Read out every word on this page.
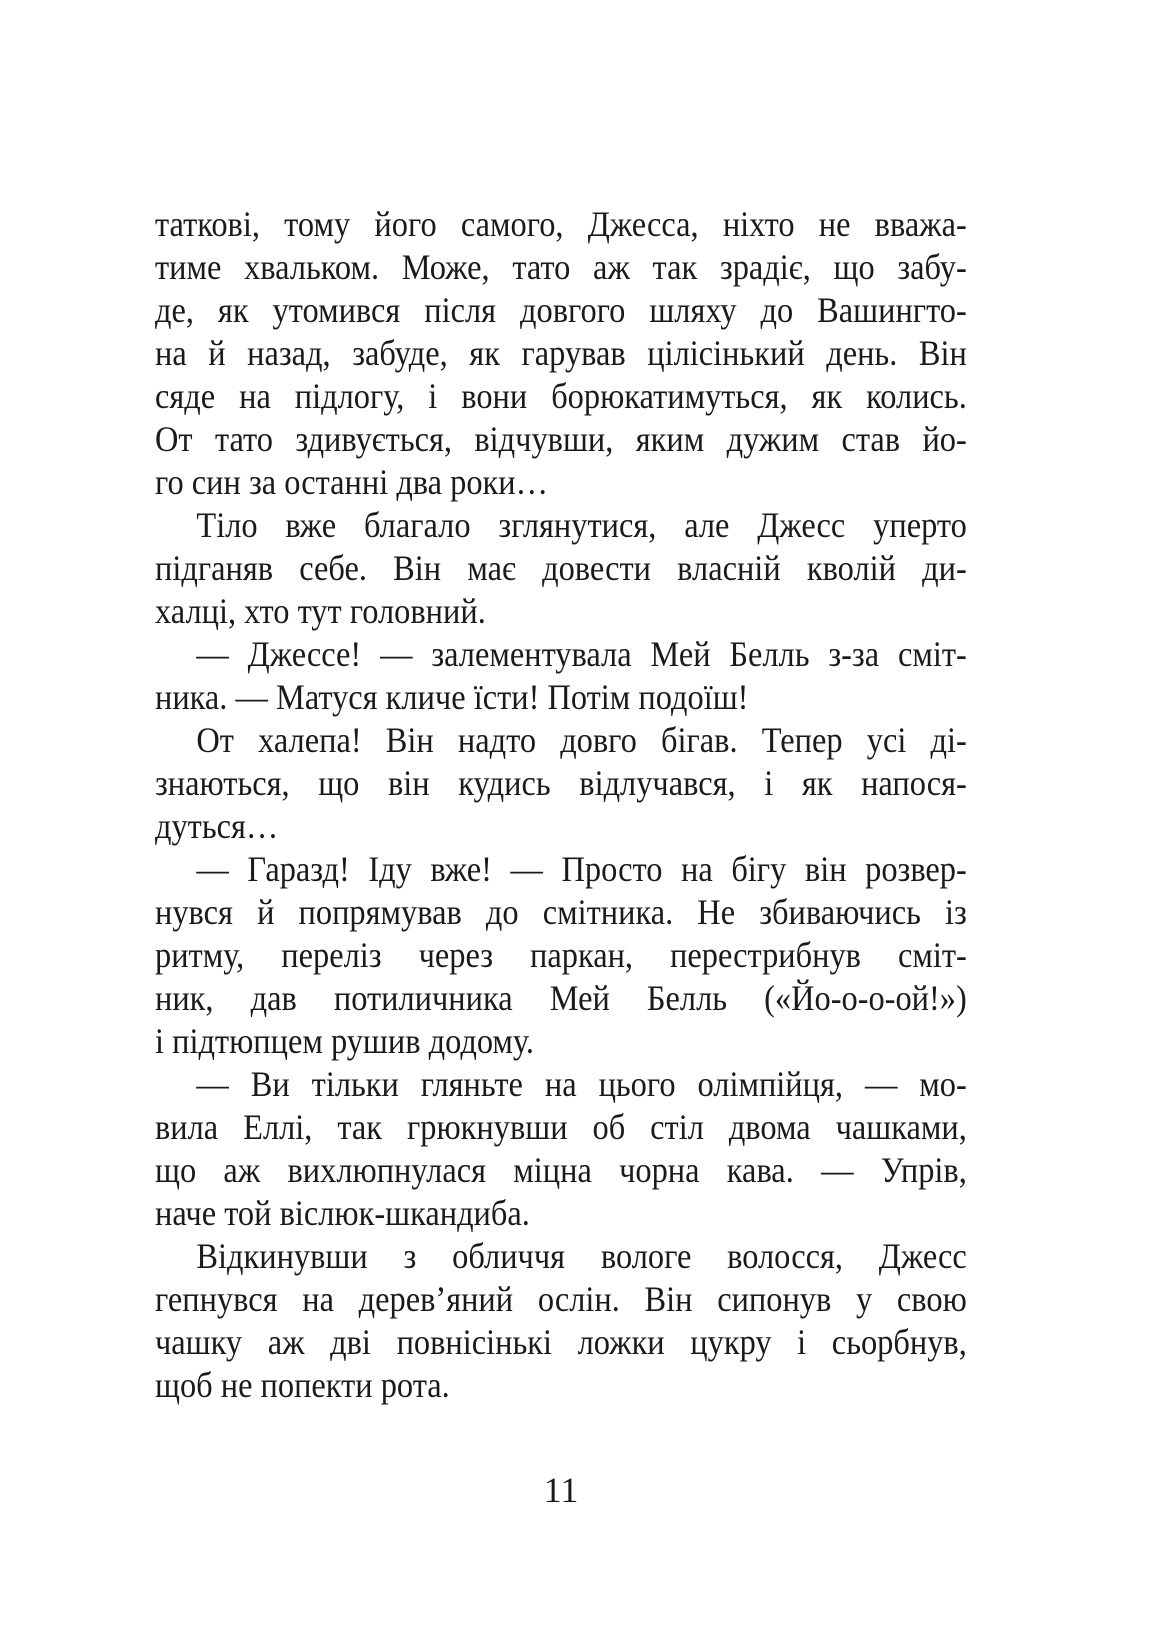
таткові, тому його самого, Джесса, ніхто не вважа-
тиме хвальком. Може, тато аж так зрадіє, що забу-
де, як утомився після довгого шляху до Вашингто-
на й назад, забуде, як гарував цілісінький день. Він
сяде на підлогу, і вони борюкатимуться, як колись.
От тато здивується, відчувши, яким дужим став йо-
го син за останні два роки…
Тіло вже благало зглянутися, але Джесс уперто
підганяв себе. Він має довести власній кволій ди-
халці, хто тут головний.
— Джессе! — залементувала Мей Белль з-за сміт-
ника. — Матуся кличе їсти! Потім подоїш!
От халепа! Він надто довго бігав. Тепер усі ді-
знаються, що він кудись відлучався, і як напося-
дуться…
— Гаразд! Іду вже! — Просто на бігу він розвер-
нувся й попрямував до смітника. Не збиваючись із
ритму, переліз через паркан, перестрибнув сміт-
ник, дав потиличника Мей Белль («Йо-о-о-ой!»)
і підтюпцем рушив додому.
— Ви тільки гляньте на цього олімпійця, — мо-
вила Еллі, так грюкнувши об стіл двома чашками,
що аж вихлюпнулася міцна чорна кава. — Упрів,
наче той віслюк-шкандиба.
Відкинувши з обличчя вологе волосся, Джесс
гепнувся на дерев’яний ослін. Він сипонув у свою
чашку аж дві повнісінькі ложки цукру і сьорбнув,
щоб не попекти рота.
11
